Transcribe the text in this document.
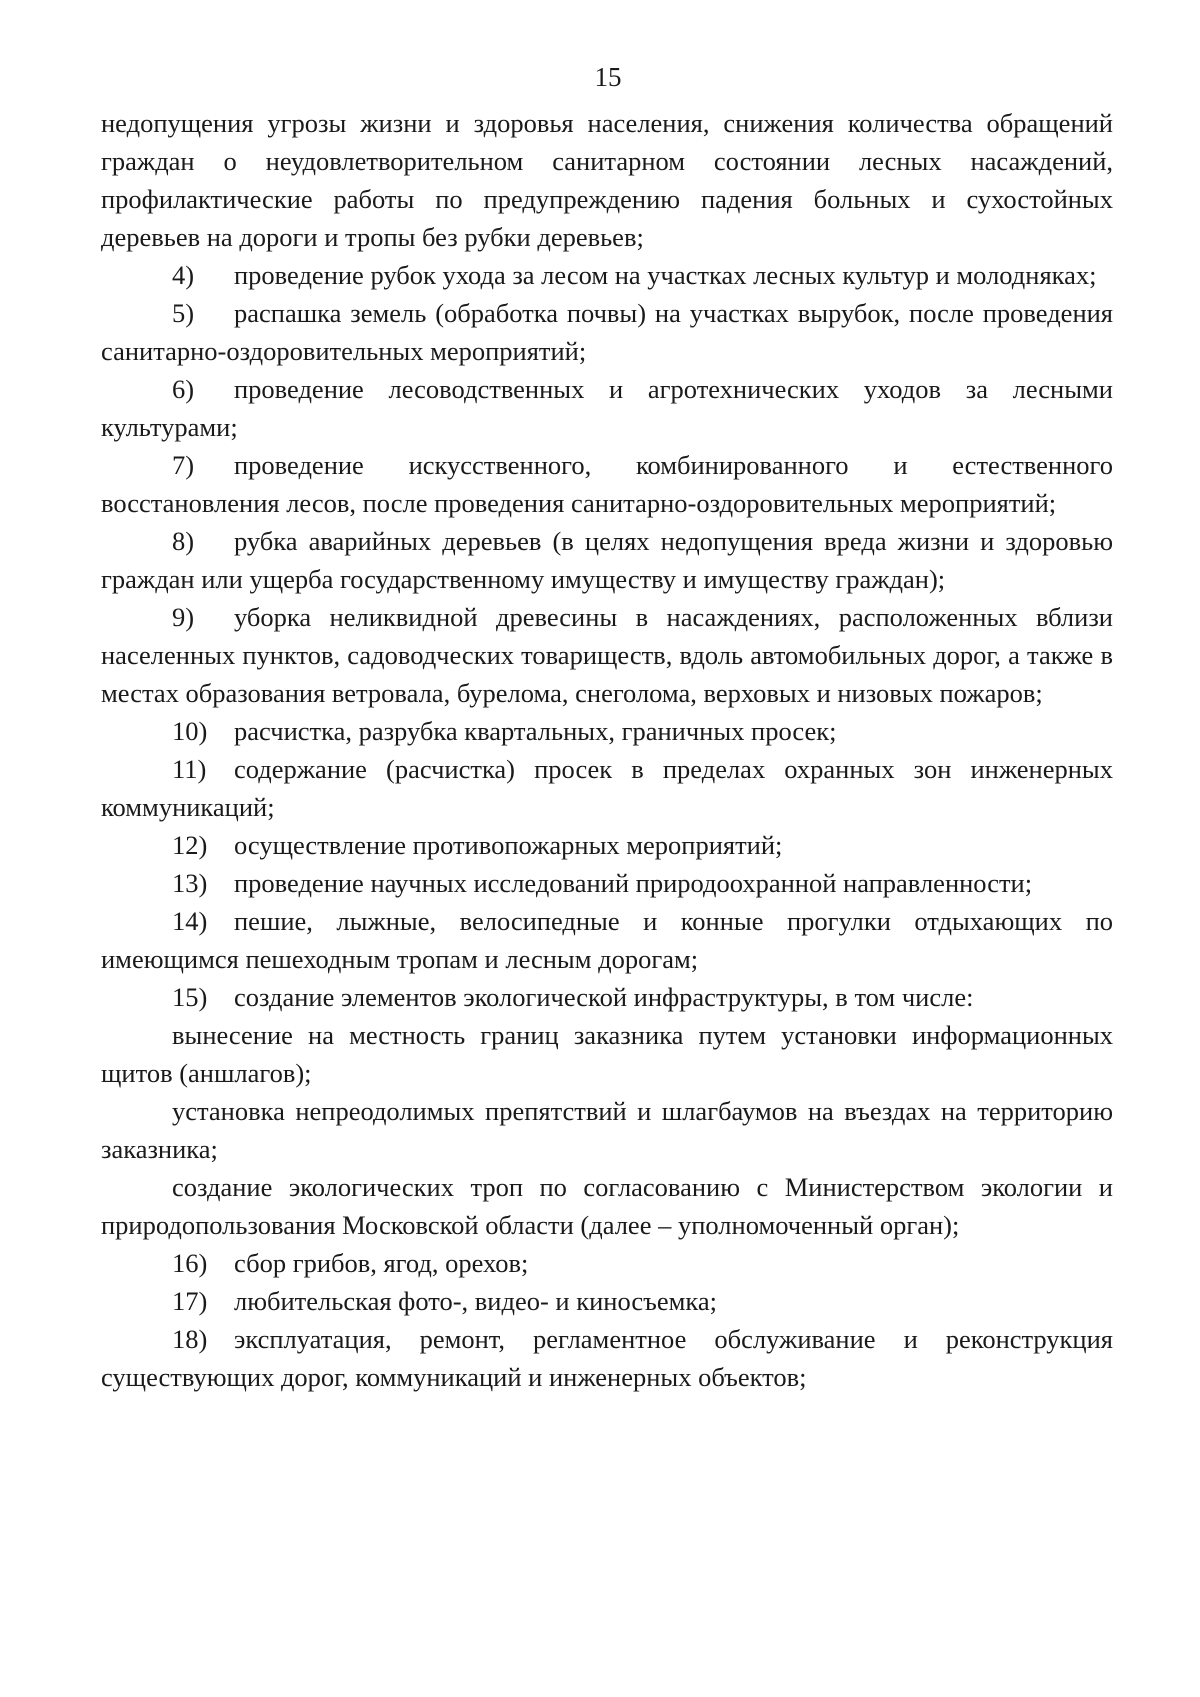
15

недопущения угрозы жизни и здоровья населения, снижения количества обращений граждан о неудовлетворительном санитарном состоянии лесных насаждений, профилактические работы по предупреждению падения больных и сухостойных деревьев на дороги и тропы без рубки деревьев;

4) проведение рубок ухода за лесом на участках лесных культур и молодняках;

5) распашка земель (обработка почвы) на участках вырубок, после проведения санитарно-оздоровительных мероприятий;

6) проведение лесоводственных и агротехнических уходов за лесными культурами;

7) проведение искусственного, комбинированного и естественного восстановления лесов, после проведения санитарно-оздоровительных мероприятий;

8) рубка аварийных деревьев (в целях недопущения вреда жизни и здоровью граждан или ущерба государственному имуществу и имуществу граждан);

9) уборка неликвидной древесины в насаждениях, расположенных вблизи населенных пунктов, садоводческих товариществ, вдоль автомобильных дорог, а также в местах образования ветровала, бурелома, снеголома, верховых и низовых пожаров;

10) расчистка, разрубка квартальных, граничных просек;

11) содержание (расчистка) просек в пределах охранных зон инженерных коммуникаций;

12) осуществление противопожарных мероприятий;

13) проведение научных исследований природоохранной направленности;

14) пешие, лыжные, велосипедные и конные прогулки отдыхающих по имеющимся пешеходным тропам и лесным дорогам;

15) создание элементов экологической инфраструктуры, в том числе:

вынесение на местность границ заказника путем установки информационных щитов (аншлагов);

установка непреодолимых препятствий и шлагбаумов на въездах на территорию заказника;

создание экологических троп по согласованию с Министерством экологии и природопользования Московской области (далее – уполномоченный орган);

16) сбор грибов, ягод, орехов;

17) любительская фото-, видео- и киносъемка;

18) эксплуатация, ремонт, регламентное обслуживание и реконструкция существующих дорог, коммуникаций и инженерных объектов;
